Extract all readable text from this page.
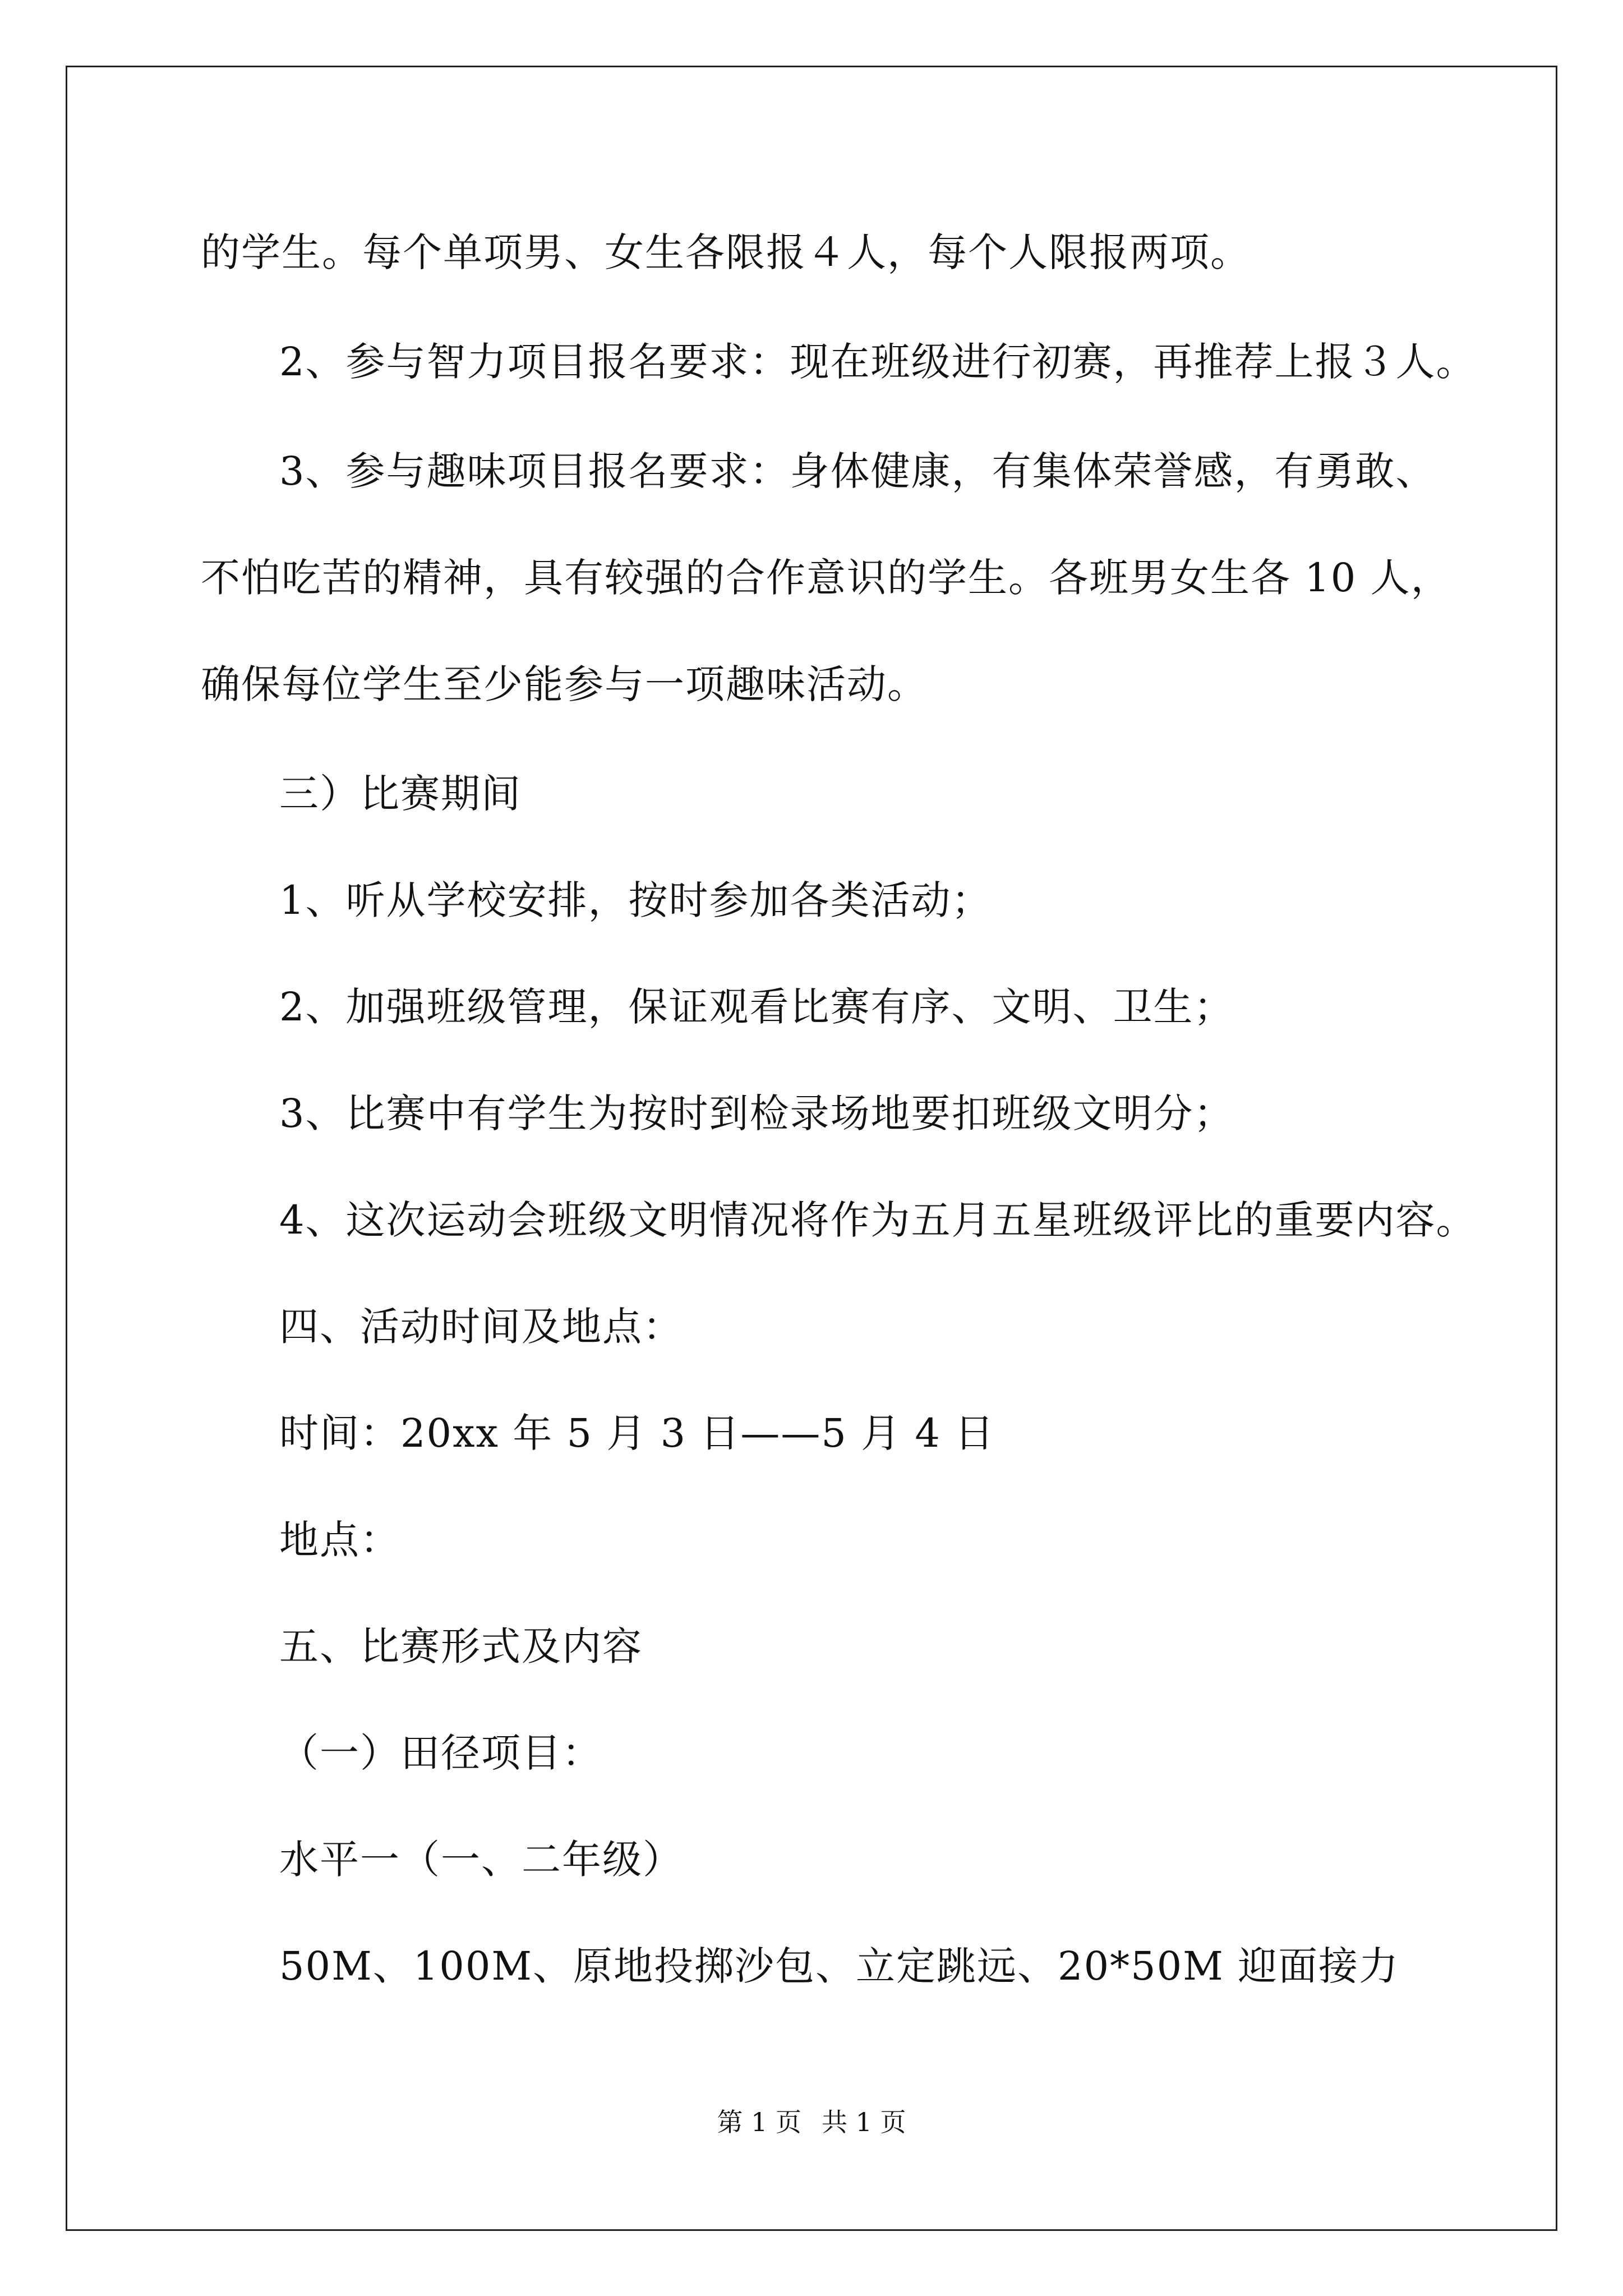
的学生。每个单项男、女生各限报４人，每个人限报两项。
2、参与智力项目报名要求：现在班级进行初赛，再推荐上报３人。
3、参与趣味项目报名要求：身体健康，有集体荣誉感，有勇敢、
不怕吃苦的精神，具有较强的合作意识的学生。各班男女生各 10 人，
确保每位学生至少能参与一项趣味活动。
三）比赛期间
1、听从学校安排，按时参加各类活动；
2、加强班级管理，保证观看比赛有序、文明、卫生；
3、比赛中有学生为按时到检录场地要扣班级文明分；
4、这次运动会班级文明情况将作为五月五星班级评比的重要内容。
四、活动时间及地点：
时间：20xx 年 5 月 3 日——5 月 4 日
地点：
五、比赛形式及内容
（一）田径项目：
水平一（一、二年级）
50M、100M、原地投掷沙包、立定跳远、20*50M 迎面接力
第 1 页 共 1 页
